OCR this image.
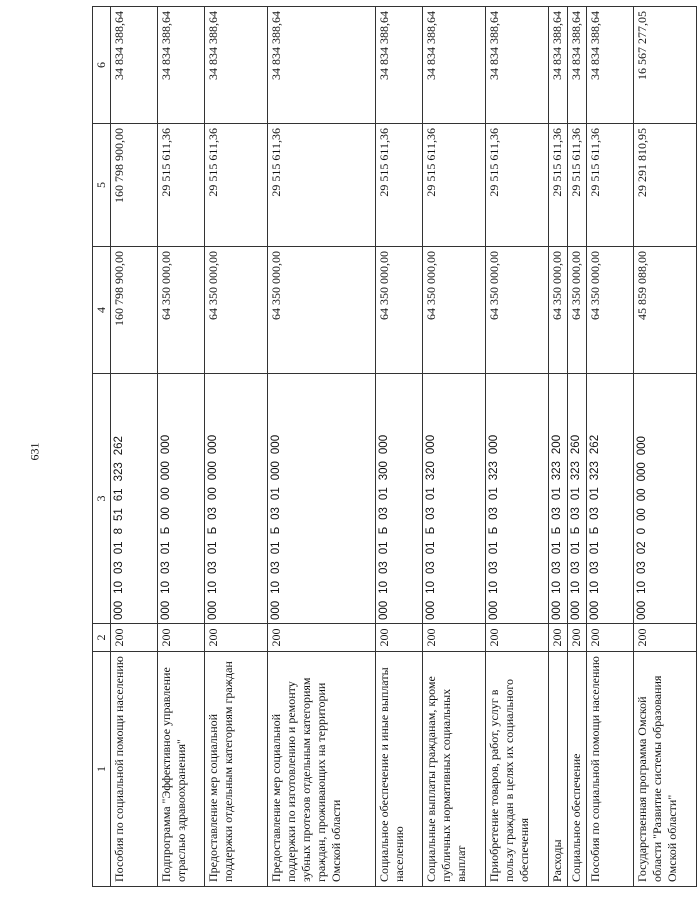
631
1	2	3	4	5	6
Пособия по социальной помощи населению	200	00010030185161323262	160 798 900,00	160 798 900,00	34 834 388,64
Подпрограмма "Эффективное управление отраслью здравоохранения"	200	000100301Б0000000000	64 350 000,00	29 515 611,36	34 834 388,64
Предоставление мер социальной поддержки отдельным категориям граждан	200	000100301Б0300000000	64 350 000,00	29 515 611,36	34 834 388,64
Предоставление мер социальной поддержки по изготовлению и ремонту зубных протезов отдельным категориям граждан, проживающих на территории Омской области	200	000100301Б0301000000	64 350 000,00	29 515 611,36	34 834 388,64
Социальное обеспечение и иные выплаты населению	200	000100301Б0301300000	64 350 000,00	29 515 611,36	34 834 388,64
Социальные выплаты гражданам, кроме публичных нормативных социальных выплат	200	000100301Б0301320000	64 350 000,00	29 515 611,36	34 834 388,64
Приобретение товаров, работ, услуг в пользу граждан в целях их социального обеспечения	200	000100301Б0301323000	64 350 000,00	29 515 611,36	34 834 388,64
Расходы	200	000100301Б0301323200	64 350 000,00	29 515 611,36	34 834 388,64
Социальное обеспечение	200	000100301Б0301323260	64 350 000,00	29 515 611,36	34 834 388,64
Пособия по социальной помощи населению	200	000100301Б0301323262	64 350 000,00	29 515 611,36	34 834 388,64
Государственная программа Омской области "Развитие системы образования Омской области"	200	00010030200000000000	45 859 088,00	29 291 810,95	16 567 277,05
